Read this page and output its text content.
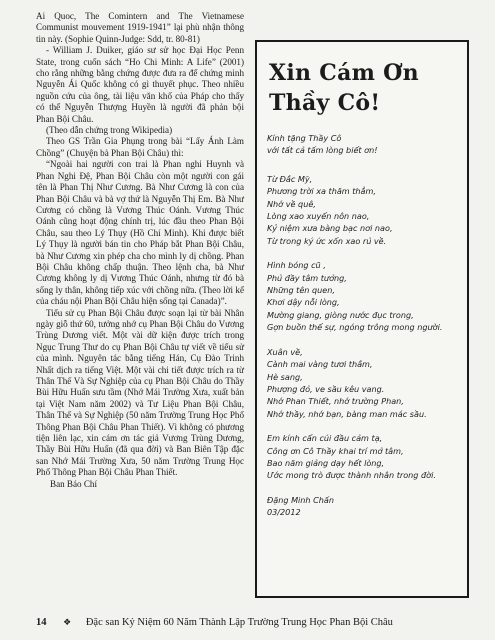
Ai Quoc, The Comintern and The Vietnamese Communist mouvement 1919-1941” lại phù nhận thông tin này. (Sophie Quinn-Judge: Sdd, tr. 80-81)

- William J. Duiker, giáo sư sử học Đại Học Penn State, trong cuốn sách “Ho Chi Minh: A Life” (2001) cho rằng những bằng chứng được đưa ra để chứng minh Nguyễn Ái Quốc không có gì thuyết phục. Theo nhiều nguồn cứu của ông, tài liệu văn khố của Pháp cho thấy có thể Nguyễn Thượng Huyền là người đã phản bội Phan Bội Châu.

(Theo dẫn chứng trong Wikipedia)

Theo GS Trần Gia Phụng trong bài “Lấy Ánh Làm Chồng” (Chuyện bà Phan Bội Châu) thì:

“Ngoài hai người con trai là Phan nghi Huynh và Phan Nghi Đệ, Phan Bội Châu còn một người con gái tên là Phan Thị Như Cương. Bà Như Cương là con của Phan Bội Châu và bà vợ thứ là Nguyễn Thị Em. Bà Như Cương có chồng là Vương Thúc Oánh. Vương Thúc Oánh cũng hoạt động chính trị, lúc đầu theo Phan Bội Châu, sau theo Lý Thụy (Hồ Chí Minh). Khi được biết Lý Thụy là người bán tin cho Pháp bắt Phan Bội Châu, bà Như Cương xin phép cha cho mình ly dị chồng. Phan Bội Châu không chấp thuận. Theo lệnh cha, bà Như Cương không ly dị Vương Thúc Oánh, nhưng từ đó bà sống ly thân, không tiếp xúc với chồng nữa. (Theo lời kể của cháu nội Phan Bội Châu hiện sống tại Canada)”.

Tiểu sử cụ Phan Bội Châu được soạn lại từ bài Nhân ngày giỗ thứ 60, tưởng nhớ cụ Phan Bội Châu do Vương Trùng Dương viết. Một vài dữ kiện được trích trong Ngục Trung Thư do cụ Phan Bội Châu tự viết về tiểu sử của mình. Nguyên tác bằng tiếng Hán, Cụ Đào Trinh Nhất dịch ra tiếng Việt. Một vài chi tiết được trích ra từ Thân Thế Và Sự Nghiệp của cụ Phan Bội Châu do Thầy Bùi Hữu Huấn sưu tầm (Nhớ Mái Trường Xưa, xuất bản tại Việt Nam năm 2002) và Tư Liệu Phan Bội Châu, Thân Thế và Sự Nghiệp (50 năm Trường Trung Học Phổ Thông Phan Bội Châu Phan Thiết). Vì không có phương tiện liên lạc, xin cám ơn tác giả Vương Trùng Dương, Thầy Bùi Hữu Huấn (đã qua đời) và Ban Biên Tập đặc san Nhớ Mái Trường Xưa, 50 năm Trường Trung Học Phổ Thông Phan Bội Châu Phan Thiết.

Ban Báo Chí

Xin Cám Ơn
Thầy Cô!

Kính tặng Thầy Cô

với tất cả tấm lòng biết ơn!

Từ Đắc Mỹ,

Phương trời xa thăm thẳm,

Nhớ về quê,

Lòng xao xuyến nôn nao,

Kỷ niệm xưa bàng bạc nơi nao,

Từ trong ký ức xốn xao rủ về.

Hình bóng cũ ,

Phủ đầy tâm tưởng,

Những tên quen,

Khơi dậy nỗi lòng,

Mường giang, giòng nước đục trong,

Gợn buồn thế sự, ngóng trông mong người.

Xuân về,

Cành mai vàng tươi thắm,

Hè sang,

Phượng đỏ, ve sầu kêu vang.

Nhớ Phan Thiết, nhớ trường Phan,

Nhớ thầy, nhớ bạn, bàng man mác sầu.

Em kính cẩn cúi đầu cảm tạ,

Công ơn Cô Thầy khai trí mở tâm,

Bao năm giảng dạy hết lòng,

Ước mong trò được thành nhân trong đời.

Đặng Minh Chấn

03/2012

14 ❖ Đặc san Kỷ Niệm 60 Năm Thành Lập Trường Trung Học Phan Bội Châu
